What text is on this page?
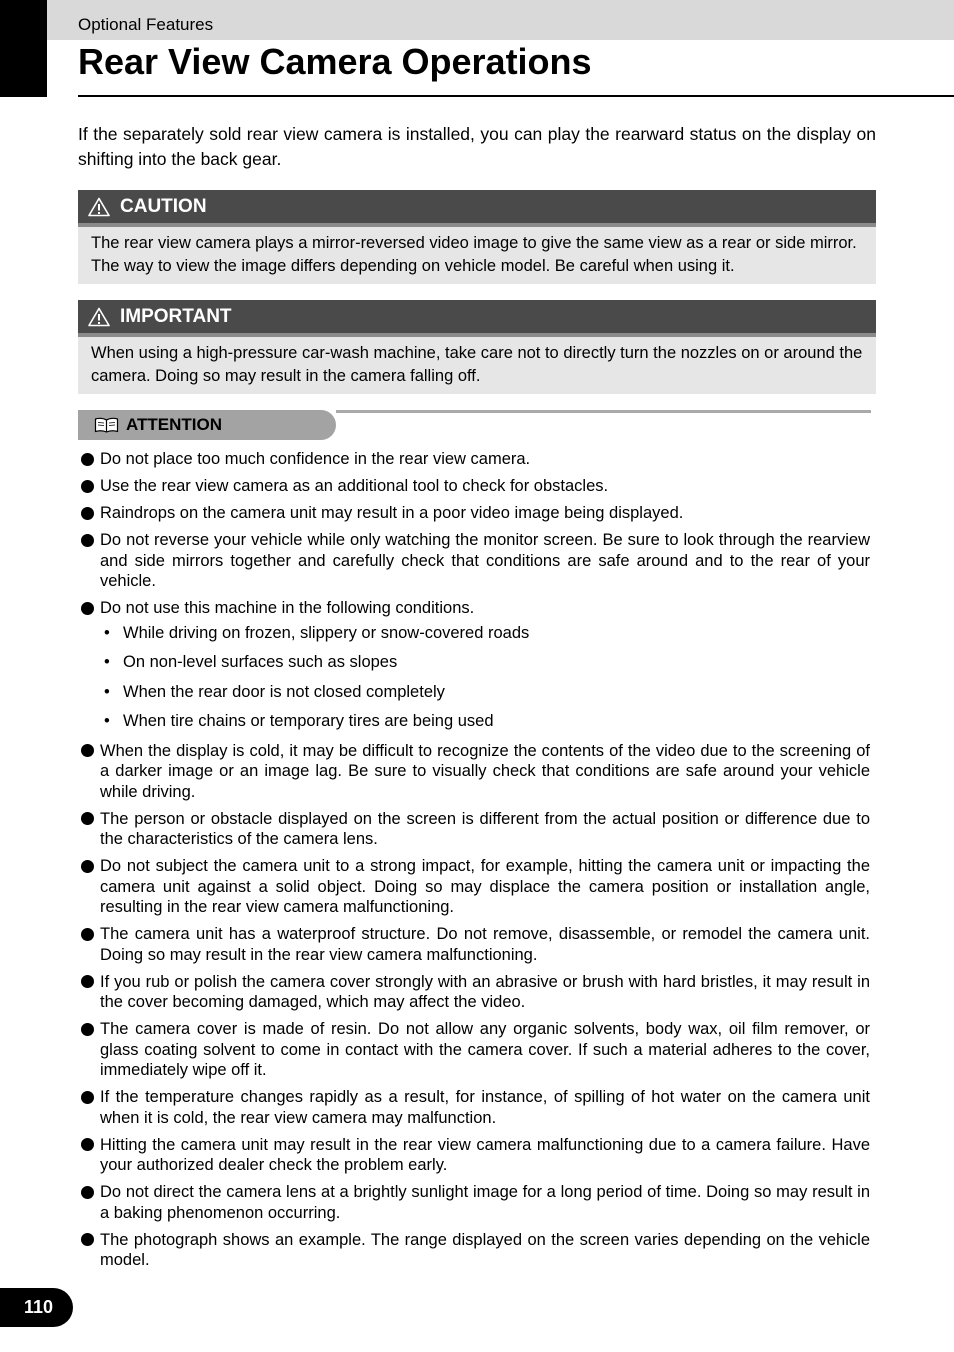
Optional Features
Rear View Camera Operations

If the separately sold rear view camera is installed, you can play the rearward status on the display on shifting into the back gear.

CAUTION
The rear view camera plays a mirror-reversed video image to give the same view as a rear or side mirror. The way to view the image differs depending on vehicle model. Be careful when using it.
IMPORTANT
When using a high-pressure car-wash machine, take care not to directly turn the nozzles on or around the camera. Doing so may result in the camera falling off.
ATTENTION
Do not place too much confidence in the rear view camera.
Use the rear view camera as an additional tool to check for obstacles.
Raindrops on the camera unit may result in a poor video image being displayed.
Do not reverse your vehicle while only watching the monitor screen. Be sure to look through the rearview and side mirrors together and carefully check that conditions are safe around and to the rear of your vehicle.
Do not use this machine in the following conditions.
• While driving on frozen, slippery or snow-covered roads
• On non-level surfaces such as slopes
• When the rear door is not closed completely
• When tire chains or temporary tires are being used
When the display is cold, it may be difficult to recognize the contents of the video due to the screening of a darker image or an image lag. Be sure to visually check that conditions are safe around your vehicle while driving.
The person or obstacle displayed on the screen is different from the actual position or difference due to the characteristics of the camera lens.
Do not subject the camera unit to a strong impact, for example, hitting the camera unit or impacting the camera unit against a solid object. Doing so may displace the camera position or installation angle, resulting in the rear view camera malfunctioning.
The camera unit has a waterproof structure. Do not remove, disassemble, or remodel the camera unit. Doing so may result in the rear view camera malfunctioning.
If you rub or polish the camera cover strongly with an abrasive or brush with hard bristles, it may result in the cover becoming damaged, which may affect the video.
The camera cover is made of resin. Do not allow any organic solvents, body wax, oil film remover, or glass coating solvent to come in contact with the camera cover. If such a material adheres to the cover, immediately wipe off it.
If the temperature changes rapidly as a result, for instance, of spilling of hot water on the camera unit when it is cold, the rear view camera may malfunction.
Hitting the camera unit may result in the rear view camera malfunctioning due to a camera failure. Have your authorized dealer check the problem early.
Do not direct the camera lens at a brightly sunlight image for a long period of time. Doing so may result in a baking phenomenon occurring.
The photograph shows an example. The range displayed on the screen varies depending on the vehicle model.
110
